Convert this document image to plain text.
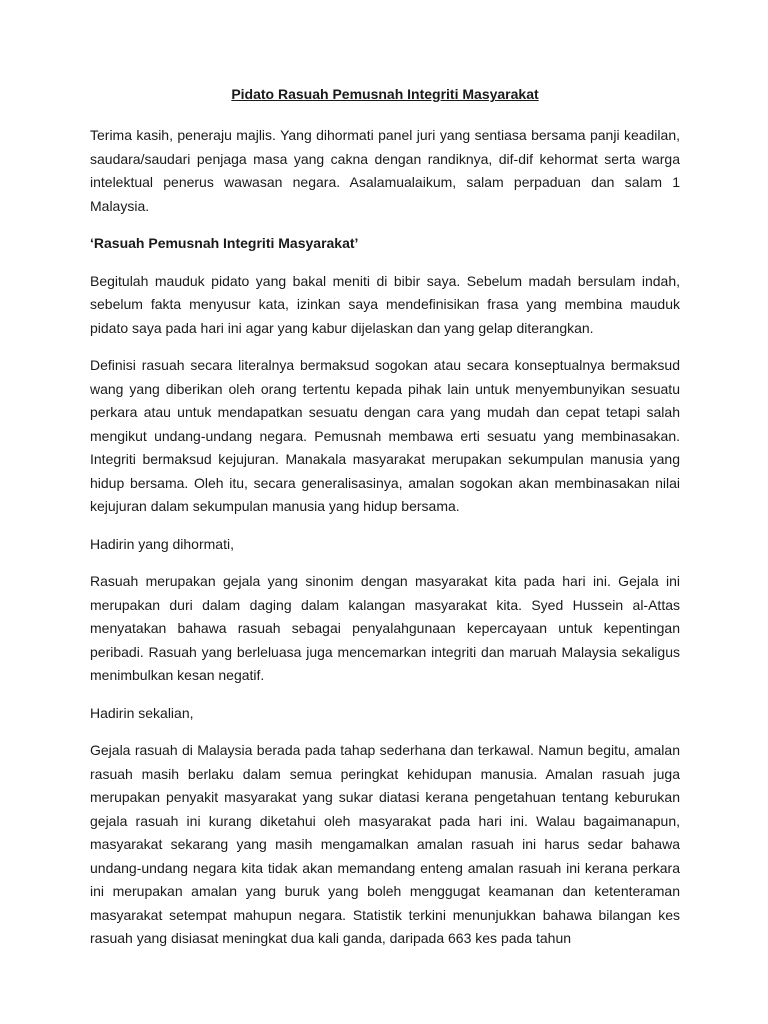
Pidato Rasuah Pemusnah Integriti Masyarakat

Terima kasih, peneraju majlis. Yang dihormati panel juri yang sentiasa bersama panji keadilan, saudara/saudari penjaga masa yang cakna dengan randiknya, dif-dif kehormat serta warga intelektual penerus wawasan negara. Asalamualaikum, salam perpaduan dan salam 1 Malaysia.

‘Rasuah Pemusnah Integriti Masyarakat’

Begitulah mauduk pidato yang bakal meniti di bibir saya. Sebelum madah bersulam indah, sebelum fakta menyusur kata, izinkan saya mendefinisikan frasa yang membina mauduk pidato saya pada hari ini agar yang kabur dijelaskan dan yang gelap diterangkan.

Definisi rasuah secara literalnya bermaksud sogokan atau secara konseptualnya bermaksud wang yang diberikan oleh orang tertentu kepada pihak lain untuk menyembunyikan sesuatu perkara atau untuk mendapatkan sesuatu dengan cara yang mudah dan cepat tetapi salah mengikut undang-undang negara. Pemusnah membawa erti sesuatu yang membinasakan. Integriti bermaksud kejujuran. Manakala masyarakat merupakan sekumpulan manusia yang hidup bersama. Oleh itu, secara generalisasinya, amalan sogokan akan membinasakan nilai kejujuran dalam sekumpulan manusia yang hidup bersama.

Hadirin yang dihormati,

Rasuah merupakan gejala yang sinonim dengan masyarakat kita pada hari ini. Gejala ini merupakan duri dalam daging dalam kalangan masyarakat kita. Syed Hussein al-Attas menyatakan bahawa rasuah sebagai penyalahgunaan kepercayaan untuk kepentingan peribadi. Rasuah yang berleluasa juga mencemarkan integriti dan maruah Malaysia sekaligus menimbulkan kesan negatif.

Hadirin sekalian,

Gejala rasuah di Malaysia berada pada tahap sederhana dan terkawal. Namun begitu, amalan rasuah masih berlaku dalam semua peringkat kehidupan manusia. Amalan rasuah juga merupakan penyakit masyarakat yang sukar diatasi kerana pengetahuan tentang keburukan gejala rasuah ini kurang diketahui oleh masyarakat pada hari ini. Walau bagaimanapun, masyarakat sekarang yang masih mengamalkan amalan rasuah ini harus sedar bahawa undang-undang negara kita tidak akan memandang enteng amalan rasuah ini kerana perkara ini merupakan amalan yang buruk yang boleh menggugat keamanan dan ketenteraman masyarakat setempat mahupun negara. Statistik terkini menunjukkan bahawa bilangan kes rasuah yang disiasat meningkat dua kali ganda, daripada 663 kes pada tahun
